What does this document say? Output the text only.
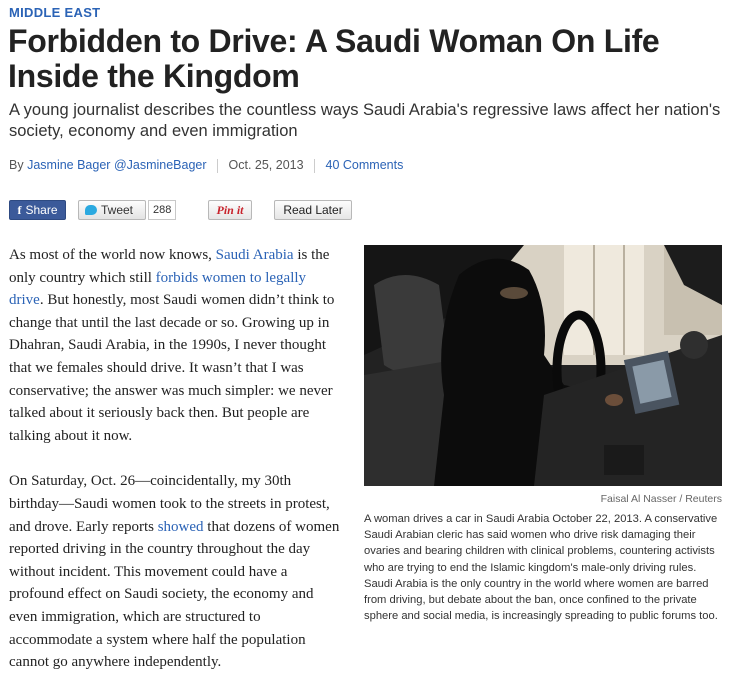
MIDDLE EAST
Forbidden to Drive: A Saudi Woman On Life Inside the Kingdom

A young journalist describes the countless ways Saudi Arabia's regressive laws affect her nation's society, economy and even immigration

By Jasmine Bager @JasmineBager Oct. 25, 2013 40 Comments
f Share	Tweet	288	Pin it	Read Later

As most of the world now knows, Saudi Arabia is the only country which still forbids women to legally drive. But honestly, most Saudi women didn’t think to change that until the last decade or so. Growing up in Dhahran, Saudi Arabia, in the 1990s, I never thought that we females should drive. It wasn’t that I was conservative; the answer was much simpler: we never talked about it seriously back then. But people are talking about it now.

On Saturday, Oct. 26—coincidentally, my 30th birthday—Saudi women took to the streets in protest, and drove. Early reports showed that dozens of women reported driving in the country throughout the day without incident. This movement could have a profound effect on Saudi society, the economy and even immigration, which are structured to accommodate a system where half the population cannot go anywhere independently.

Faisal Al Nasser / Reuters
A woman drives a car in Saudi Arabia October 22, 2013. A conservative Saudi Arabian cleric has said women who drive risk damaging their ovaries and bearing children with clinical problems, countering activists who are trying to end the Islamic kingdom's male-only driving rules. Saudi Arabia is the only country in the world where women are barred from driving, but debate about the ban, once confined to the private sphere and social media, is increasingly spreading to public forums too.
